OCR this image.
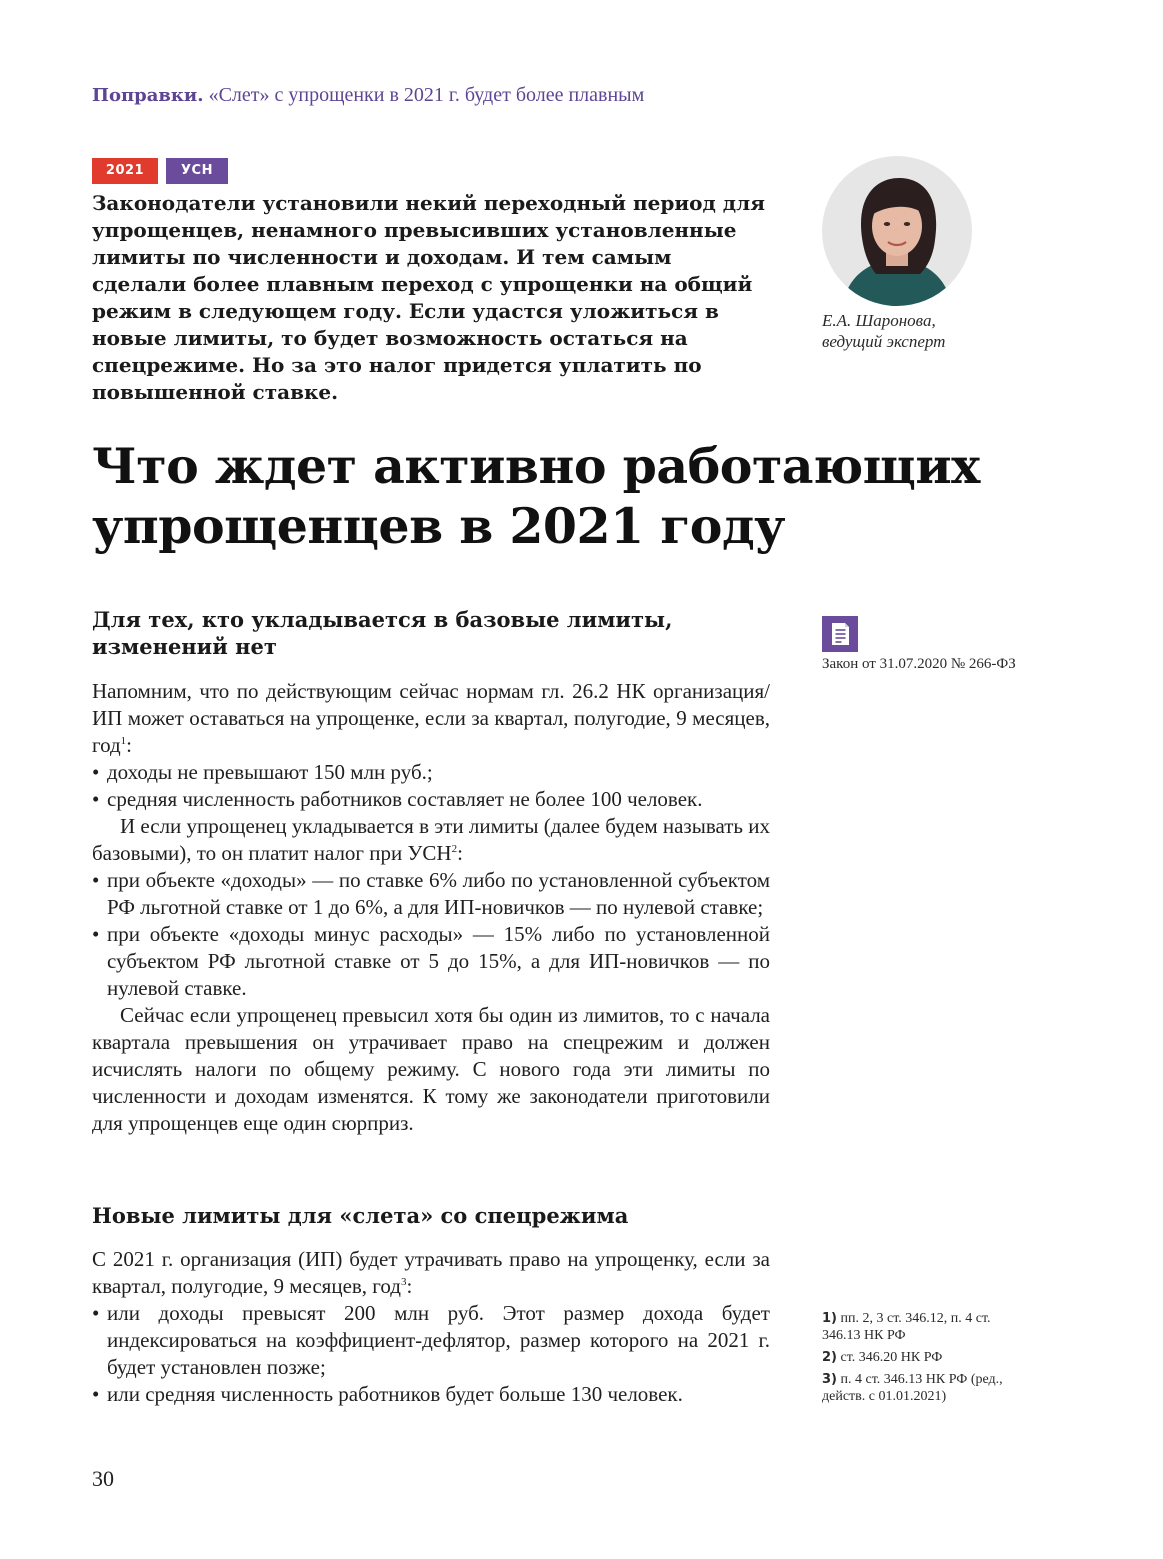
Поправки. «Слет» с упрощенки в 2021 г. будет более плавным
2021	УСН

Законодатели установили некий переходный период для упрощенцев, ненамного превысивших установленные лимиты по численности и доходам. И тем самым сделали более плавным переход с упрощенки на общий режим в следующем году. Если удастся уложиться в новые лимиты, то будет возможность остаться на спецрежиме. Но за это налог придется уплатить по повышенной ставке.

Е.А. Шаронова,
ведущий эксперт
Что ждет активно работающих упрощенцев в 2021 году
Для тех, кто укладывается в базовые лимиты, изменений нет

Напомним, что по действующим сейчас нормам гл. 26.2 НК организация/ИП может оставаться на упрощенке, если за квартал, полугодие, 9 месяцев, год$^1$:

• доходы не превышают 150 млн руб.;
• средняя численность работников составляет не более 100 человек.

И если упрощенец укладывается в эти лимиты (далее будем называть их базовыми), то он платит налог при УСН$^2$:

• при объекте «доходы» — по ставке 6% либо по установленной субъектом РФ льготной ставке от 1 до 6%, а для ИП-новичков — по нулевой ставке;
• при объекте «доходы минус расходы» — 15% либо по установленной субъектом РФ льготной ставке от 5 до 15%, а для ИП-новичков — по нулевой ставке.

Сейчас если упрощенец превысил хотя бы один из лимитов, то с начала квартала превышения он утрачивает право на спецрежим и должен исчислять налоги по общему режиму. С нового года эти лимиты по численности и доходам изменятся. К тому же законодатели приготовили для упрощенцев еще один сюрприз.

Новые лимиты для «слета» со спецрежима

С 2021 г. организация (ИП) будет утрачивать право на упрощенку, если за квартал, полугодие, 9 месяцев, год$^3$:

• или доходы превысят 200 млн руб. Этот размер дохода будет индексироваться на коэффициент-дефлятор, размер которого на 2021 г. будет установлен позже;
• или средняя численность работников будет больше 130 человек.
Закон от 31.07.2020 № 266-ФЗ
1) пп. 2, 3 ст. 346.12, п. 4 ст. 346.13 НК РФ
2) ст. 346.20 НК РФ
3) п. 4 ст. 346.13 НК РФ (ред., действ. с 01.01.2021)
30
